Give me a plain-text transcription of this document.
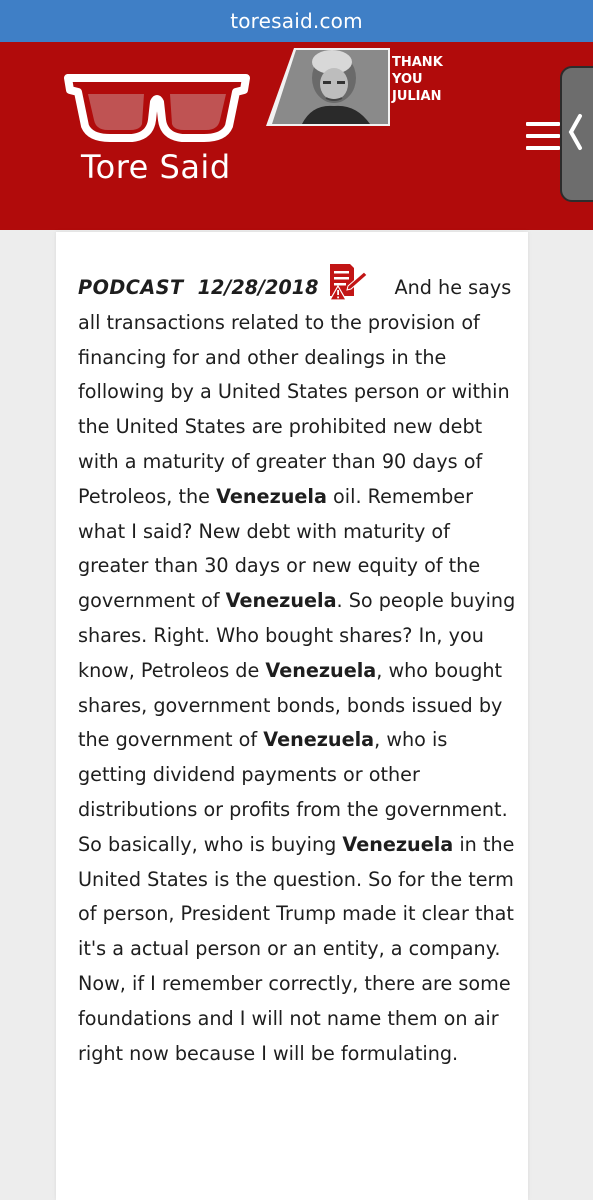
toresaid.com
Tore Said
THANK
YOU
JULIAN

PODCAST 12/28/2018	And he says all transactions related to the provision of financing for and other dealings in the following by a United States person or within the United States are prohibited new debt with a maturity of greater than 90 days of Petroleos, the Venezuela oil. Remember what I said? New debt with maturity of greater than 30 days or new equity of the government of Venezuela. So people buying shares. Right. Who bought shares? In, you know, Petroleos de Venezuela, who bought shares, government bonds, bonds issued by the government of Venezuela, who is getting dividend payments or other distributions or profits from the government. So basically, who is buying Venezuela in the United States is the question. So for the term of person, President Trump made it clear that it's a actual person or an entity, a company. Now, if I remember correctly, there are some foundations and I will not name them on air right now because I will be formulating.
